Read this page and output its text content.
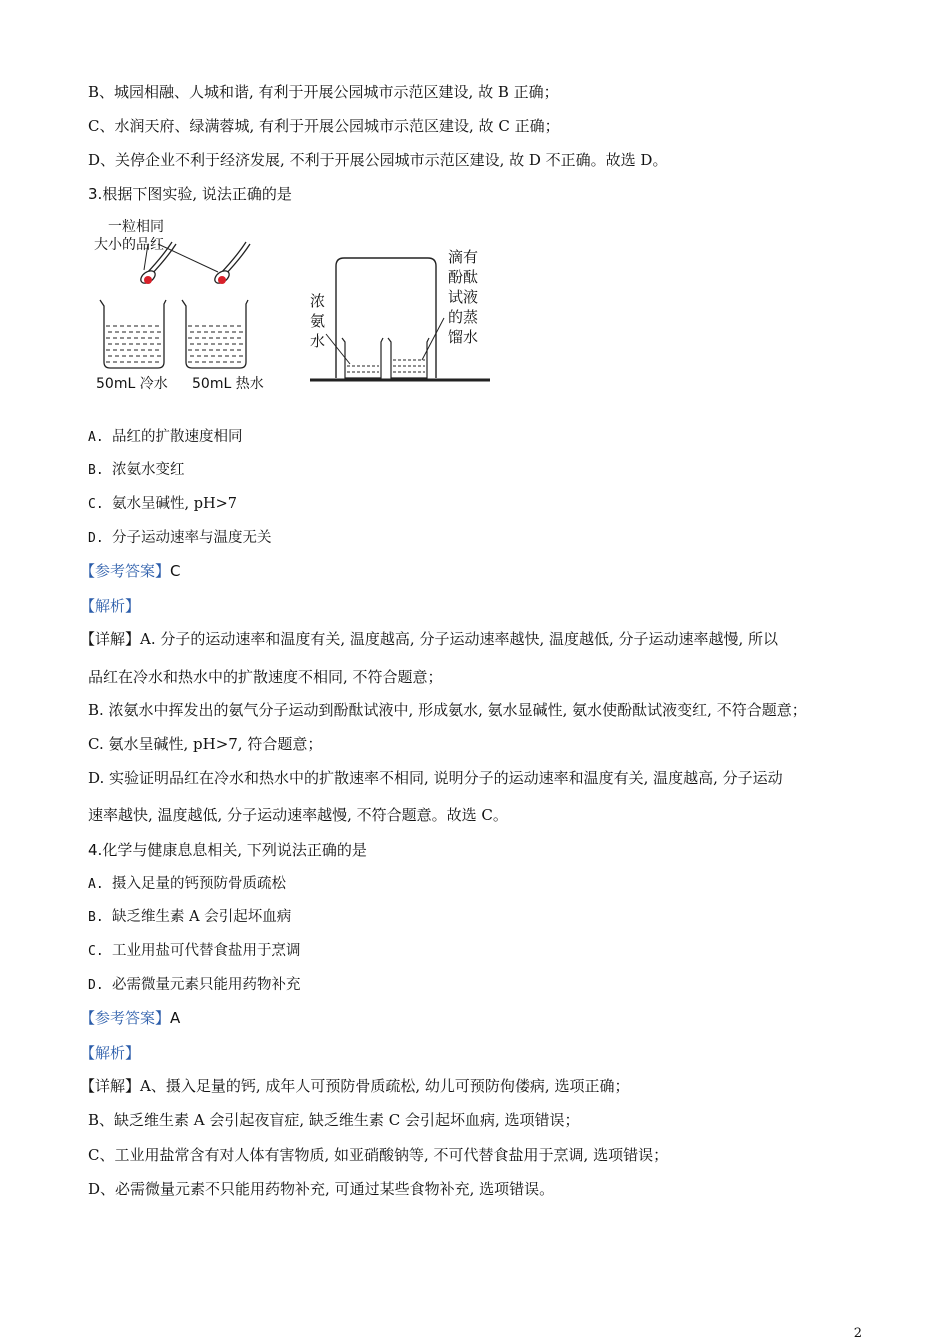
B、城园相融、人城和谐, 有利于开展公园城市示范区建设, 故 B 正确；
C、水润天府、绿满蓉城, 有利于开展公园城市示范区建设, 故 C 正确；
D、关停企业不利于经济发展, 不利于开展公园城市示范区建设, 故 D 不正确。故选 D。
3.根据下图实验, 说法正确的是
一粒相同
大小的品红
50mL 冷水 50mL 热水
浓
氨
水
滴有
酚酞
试液
的蒸
馏水
A. 品红的扩散速度相同
B. 浓氨水变红
C. 氨水呈碱性, pH>7
D. 分子运动速率与温度无关
【参考答案】C
【解析】
【详解】A. 分子的运动速率和温度有关, 温度越高, 分子运动速率越快, 温度越低, 分子运动速率越慢, 所以
品红在冷水和热水中的扩散速度不相同, 不符合题意；
B. 浓氨水中挥发出的氨气分子运动到酚酞试液中, 形成氨水, 氨水显碱性, 氨水使酚酞试液变红, 不符合题意；
C. 氨水呈碱性, pH>7, 符合题意；
D. 实验证明品红在冷水和热水中的扩散速率不相同, 说明分子的运动速率和温度有关, 温度越高, 分子运动
速率越快, 温度越低, 分子运动速率越慢, 不符合题意。故选 C。
4.化学与健康息息相关, 下列说法正确的是
A. 摄入足量的钙预防骨质疏松
B. 缺乏维生素 A 会引起坏血病
C. 工业用盐可代替食盐用于烹调
D. 必需微量元素只能用药物补充
【参考答案】A
【解析】
【详解】A、摄入足量的钙, 成年人可预防骨质疏松, 幼儿可预防佝偻病, 选项正确；
B、缺乏维生素 A 会引起夜盲症, 缺乏维生素 C 会引起坏血病, 选项错误；
C、工业用盐常含有对人体有害物质, 如亚硝酸钠等, 不可代替食盐用于烹调, 选项错误；
D、必需微量元素不只能用药物补充, 可通过某些食物补充, 选项错误。
2
